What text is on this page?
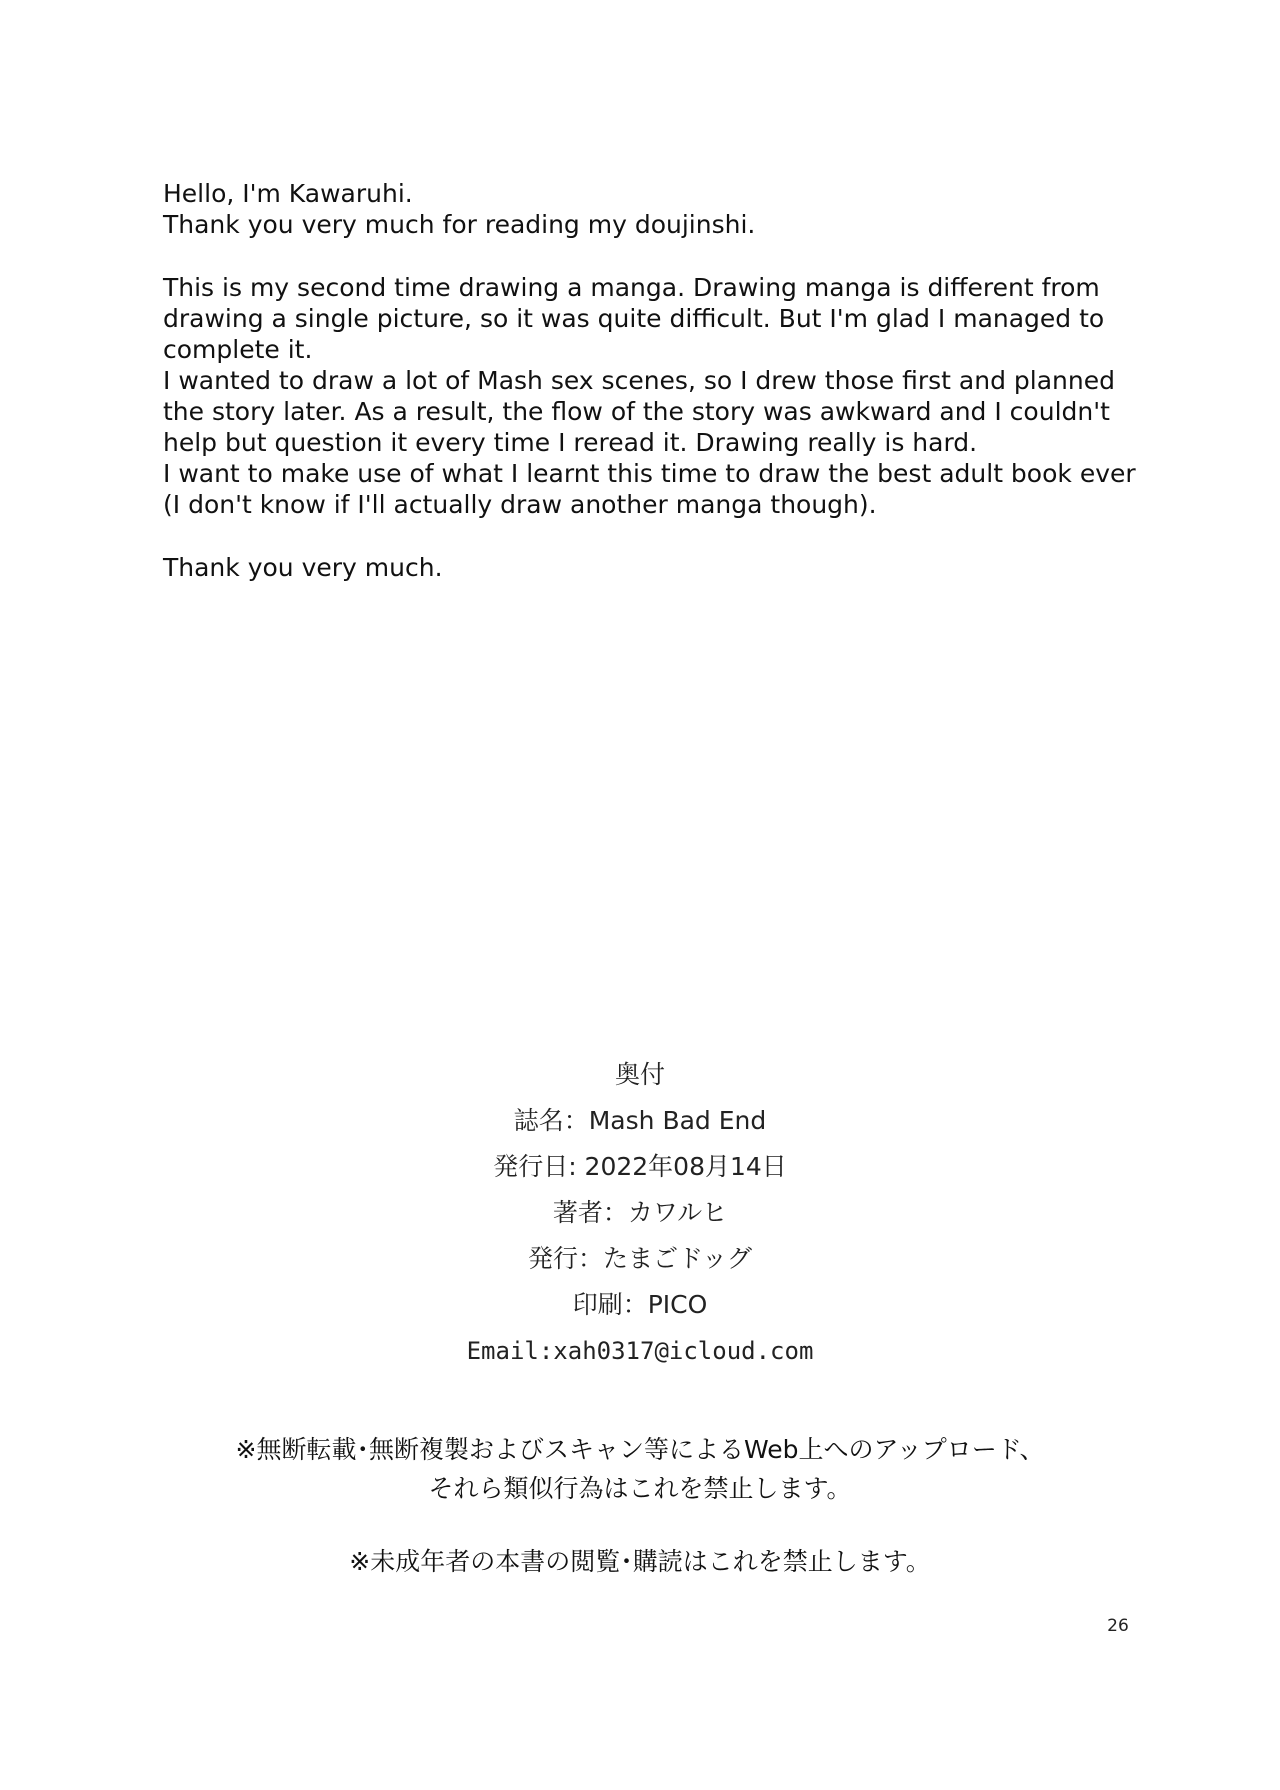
Hello, I'm Kawaruhi.

Thank you very much for reading my doujinshi.

This is my second time drawing a manga. Drawing manga is different from

drawing a single picture, so it was quite difficult. But I'm glad I managed to

complete it.

I wanted to draw a lot of Mash sex scenes, so I drew those first and planned

the story later. As a result, the flow of the story was awkward and I couldn't

help but question it every time I reread it. Drawing really is hard.

I want to make use of what I learnt this time to draw the best adult book ever

(I don't know if I'll actually draw another manga though).

Thank you very much.

奥付
誌名：Mash Bad End
発行日: 2022年08月14日
著者：カワルヒ
発行：たまごドッグ
印刷：PICO
Email:xah0317@icloud.com

※無断転載･無断複製およびスキャン等によるWeb上へのアップロード、

それら類似行為はこれを禁止します。

※未成年者の本書の閲覧･購読はこれを禁止します。

26
